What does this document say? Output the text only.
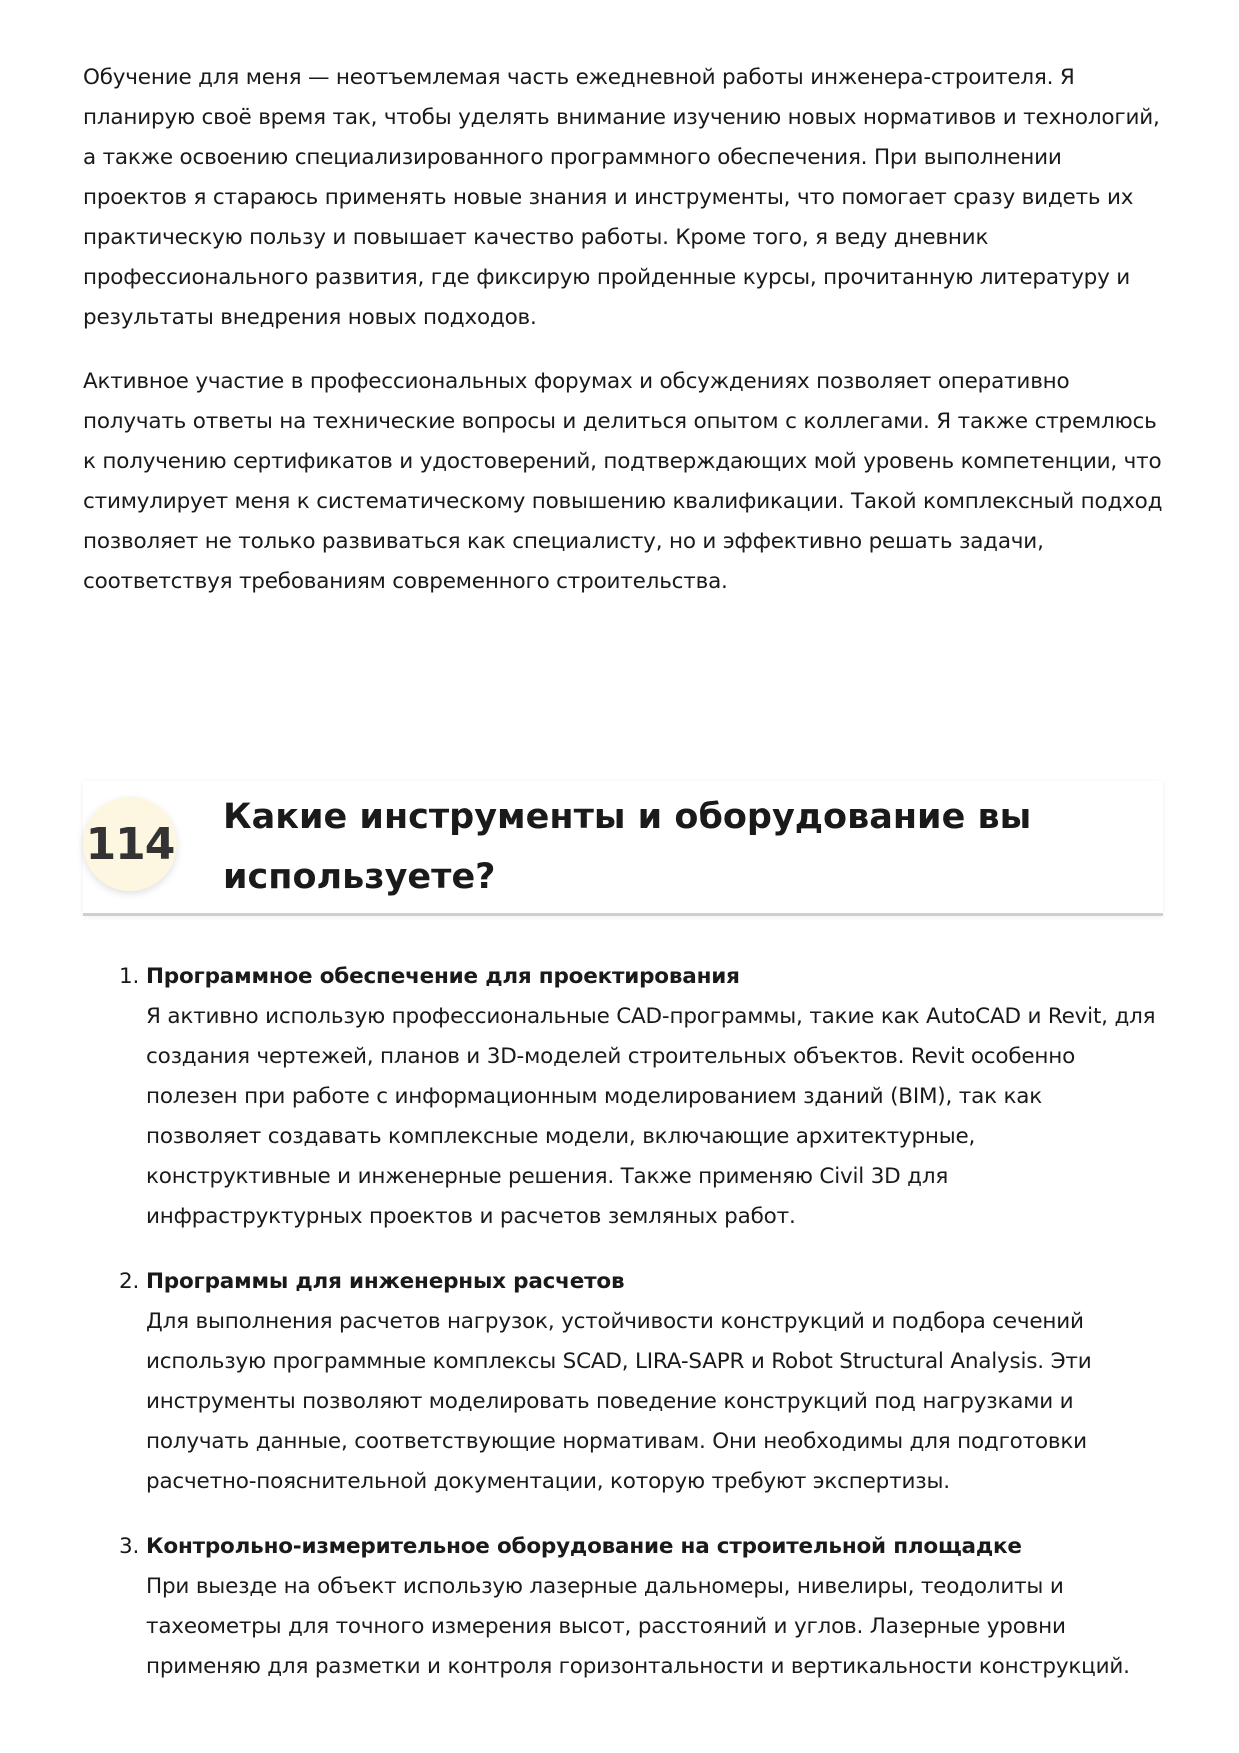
Обучение для меня — неотъемлемая часть ежедневной работы инженера-строителя. Я планирую своё время так, чтобы уделять внимание изучению новых нормативов и технологий, а также освоению специализированного программного обеспечения. При выполнении проектов я стараюсь применять новые знания и инструменты, что помогает сразу видеть их практическую пользу и повышает качество работы. Кроме того, я веду дневник профессионального развития, где фиксирую пройденные курсы, прочитанную литературу и результаты внедрения новых подходов.

Активное участие в профессиональных форумах и обсуждениях позволяет оперативно получать ответы на технические вопросы и делиться опытом с коллегами. Я также стремлюсь к получению сертификатов и удостоверений, подтверждающих мой уровень компетенции, что стимулирует меня к систематическому повышению квалификации. Такой комплексный подход позволяет не только развиваться как специалисту, но и эффективно решать задачи, соответствуя требованиям современного строительства.

114
Какие инструменты и оборудование вы используете?
1. Программное обеспечение для проектирования
Я активно использую профессиональные CAD-программы, такие как AutoCAD и Revit, для создания чертежей, планов и 3D-моделей строительных объектов. Revit особенно полезен при работе с информационным моделированием зданий (BIM), так как позволяет создавать комплексные модели, включающие архитектурные, конструктивные и инженерные решения. Также применяю Civil 3D для инфраструктурных проектов и расчетов земляных работ.
2. Программы для инженерных расчетов
Для выполнения расчетов нагрузок, устойчивости конструкций и подбора сечений использую программные комплексы SCAD, LIRA-SAPR и Robot Structural Analysis. Эти инструменты позволяют моделировать поведение конструкций под нагрузками и получать данные, соответствующие нормативам. Они необходимы для подготовки расчетно-пояснительной документации, которую требуют экспертизы.
3. Контрольно-измерительное оборудование на строительной площадке
При выезде на объект использую лазерные дальномеры, нивелиры, теодолиты и тахеометры для точного измерения высот, расстояний и углов. Лазерные уровни применяю для разметки и контроля горизонтальности и вертикальности конструкций.
